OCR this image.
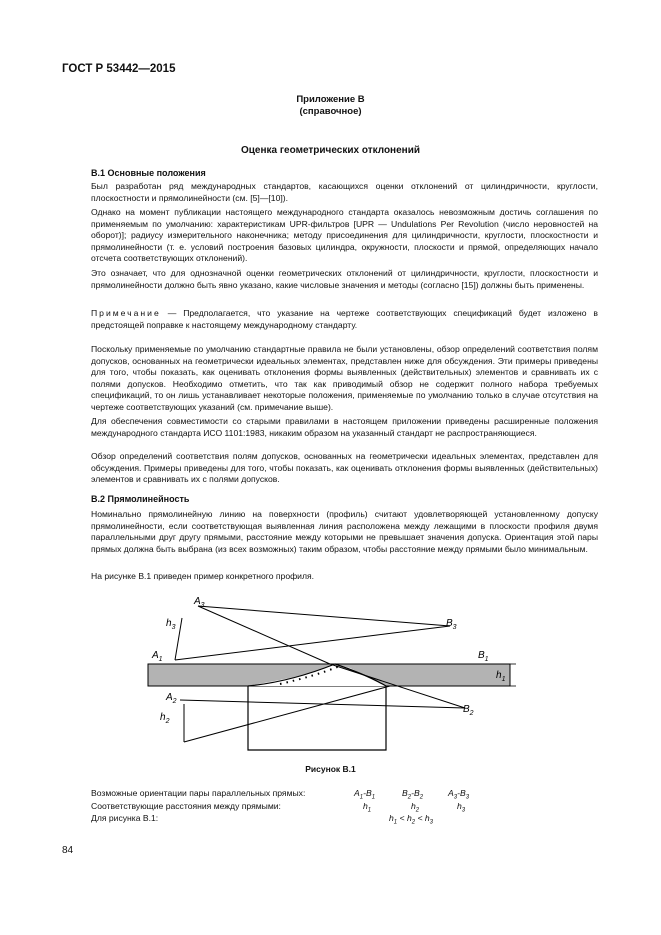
ГОСТ Р 53442—2015
Приложение В
(справочное)
Оценка геометрических отклонений
В.1 Основные положения
Был разработан ряд международных стандартов, касающихся оценки отклонений от цилиндричности, круглости, плоскостности и прямолинейности (см. [5]—[10]).
Однако на момент публикации настоящего международного стандарта оказалось невозможным достичь соглашения по применяемым по умолчанию: характеристикам UPR-фильтров [UPR — Undulations Per Revolution (число неровностей на оборот)]; радиусу измерительного наконечника; методу присоединения для цилиндричности, круглости, плоскостности и прямолинейности (т. е. условий построения базовых цилиндра, окружности, плоскости и прямой, определяющих начало отсчета соответствующих отклонений).
Это означает, что для однозначной оценки геометрических отклонений от цилиндричности, круглости, плоскостности и прямолинейности должно быть явно указано, какие числовые значения и методы (согласно [15]) должны быть применены.
Примечание — Предполагается, что указание на чертеже соответствующих спецификаций будет изложено в предстоящей поправке к настоящему международному стандарту.
Поскольку применяемые по умолчанию стандартные правила не были установлены, обзор определений соответствия полям допусков, основанных на геометрически идеальных элементах, представлен ниже для обсуждения. Эти примеры приведены для того, чтобы показать, как оценивать отклонения формы выявленных (действительных) элементов и сравнивать их с полями допусков. Необходимо отметить, что так как приводимый обзор не содержит полного набора требуемых спецификаций, то он лишь устанавливает некоторые положения, применяемые по умолчанию только в случае отсутствия на чертеже соответствующих указаний (см. примечание выше).
Для обеспечения совместимости со старыми правилами в настоящем приложении приведены расширенные положения международного стандарта ИСО 1101:1983, никаким образом на указанный стандарт не распространяющиеся.
Обзор определений соответствия полям допусков, основанных на геометрически идеальных элементах, представлен для обсуждения. Примеры приведены для того, чтобы показать, как оценивать отклонения формы выявленных (действительных) элементов и сравнивать их с полями допусков.
В.2 Прямолинейность
Номинально прямолинейную линию на поверхности (профиль) считают удовлетворяющей установленному допуску прямолинейности, если соответствующая выявленная линия расположена между лежащими в плоскости профиля двумя параллельными друг другу прямыми, расстояние между которыми не превышает значения допуска. Ориентация этой пары прямых должна быть выбрана (из всех возможных) таким образом, чтобы расстояние между прямыми было минимальным.
На рисунке В.1 приведен пример конкретного профиля.
$A_1$
$A_3$
$A_2$
$B_3$
$B_1$
$B_2$
$h_3$
$h_2$
$h_1$
Рисунок В.1
Возможные ориентации пары параллельных прямых:	$A_1-B_1$	$B_2-B_2$	$A_3-B_3$
Соответствующие расстояния между прямыми:	$h_1$	$h_2$	$h_3$
Для рисунка В.1:	$h_1 < h_2 < h_3$
84
